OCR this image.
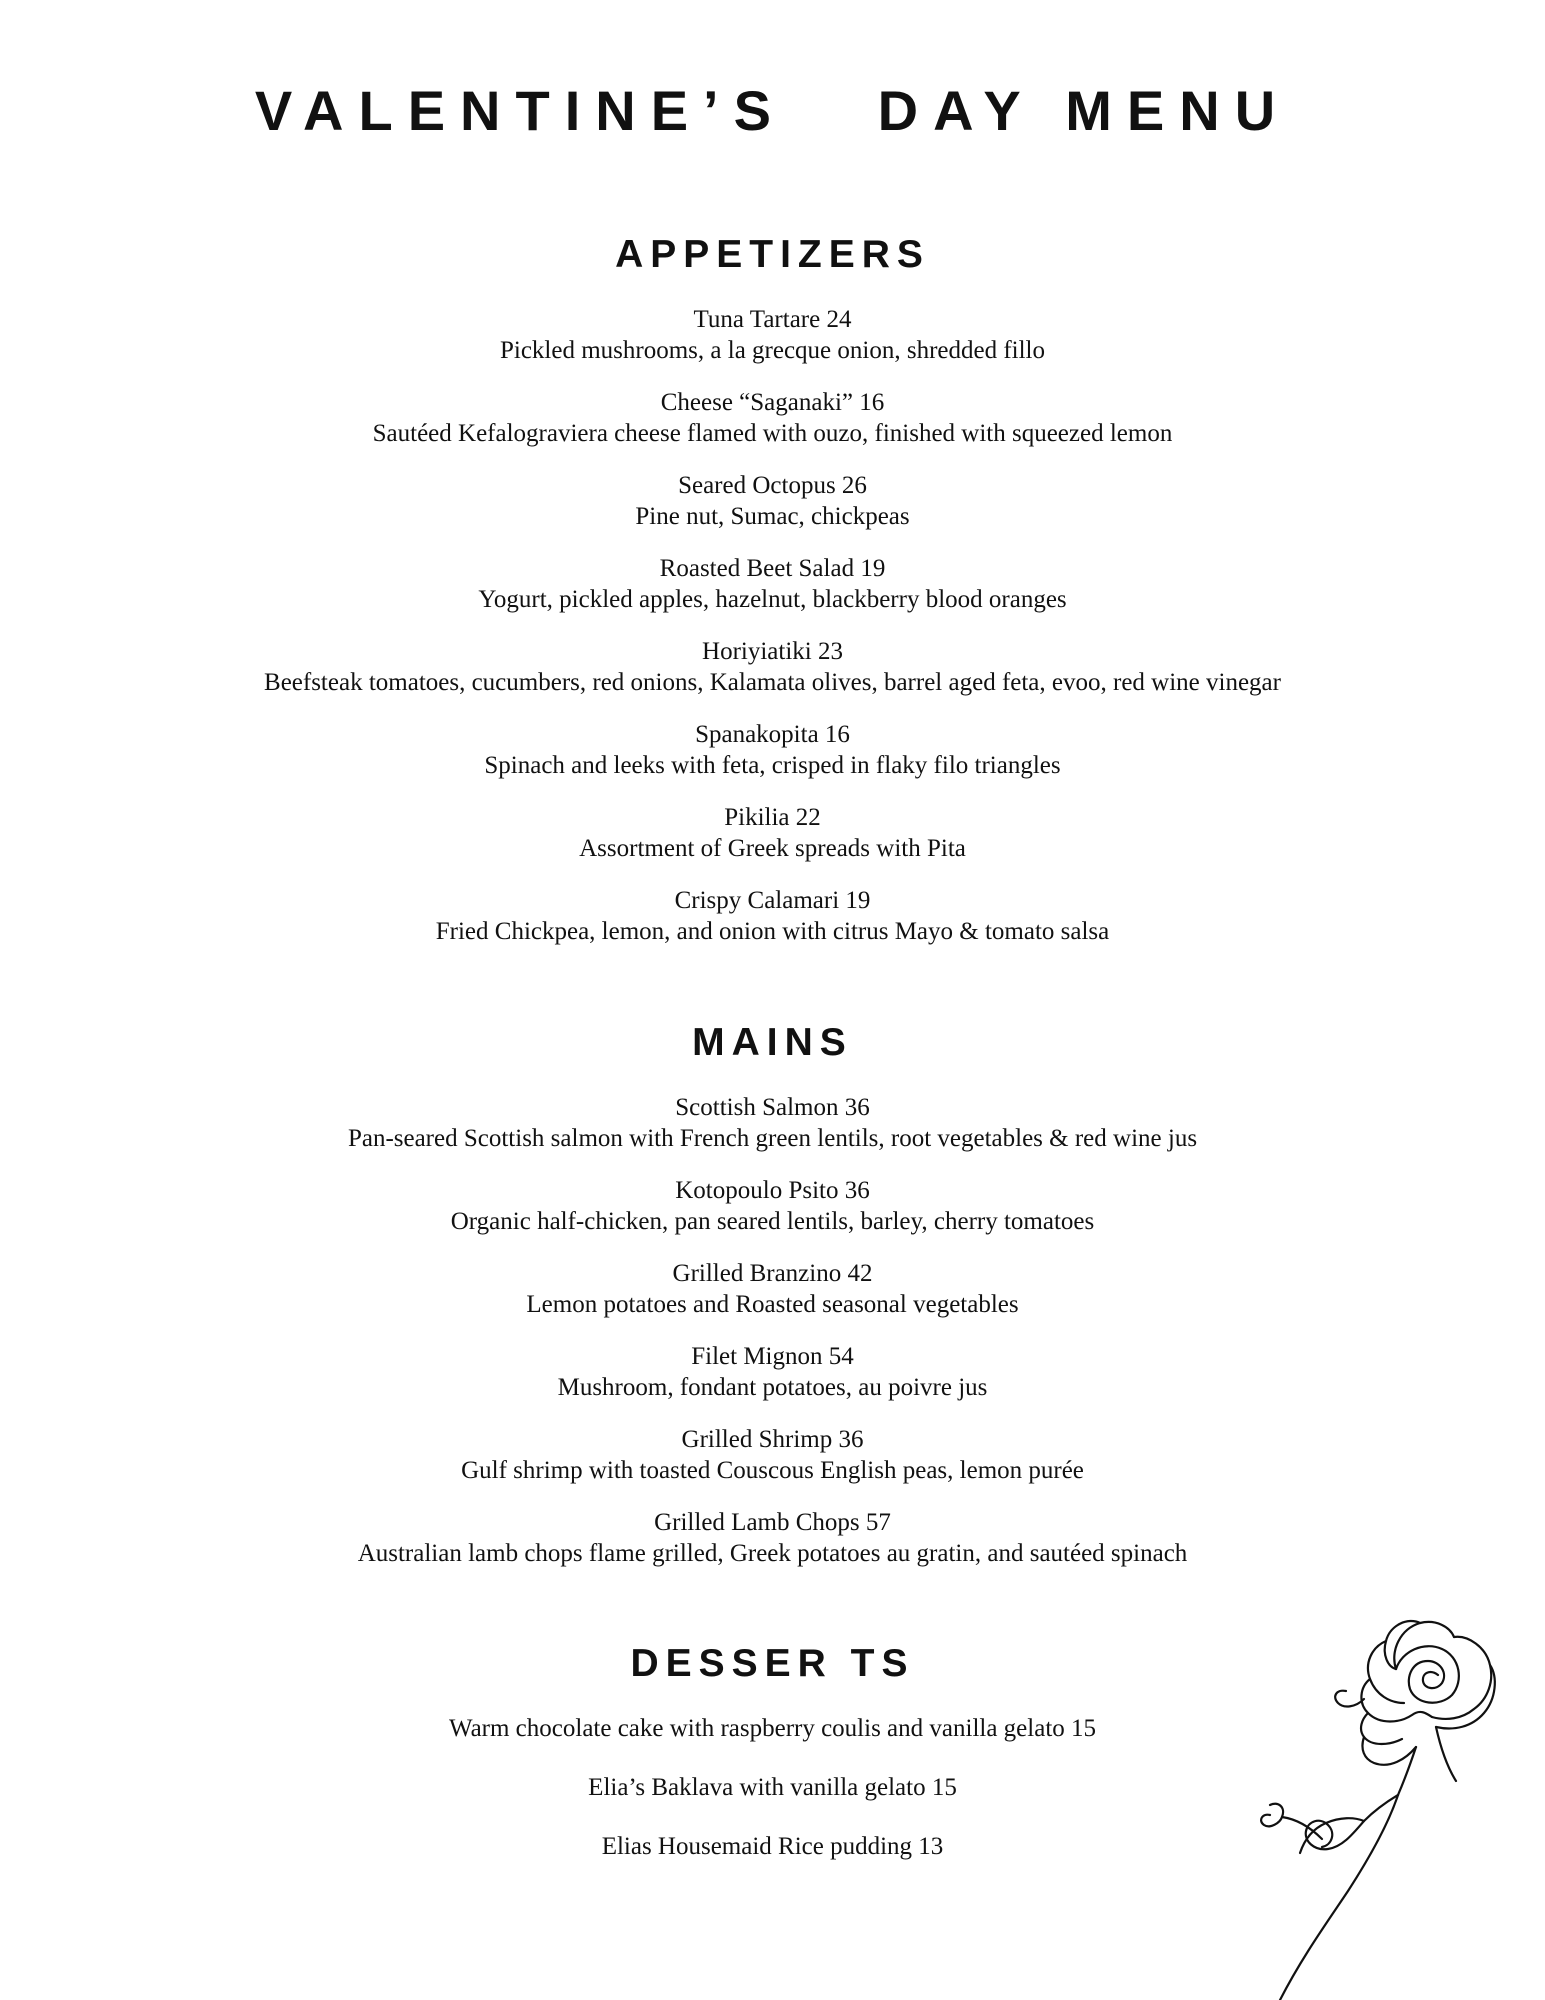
VALENTINE’S   DAY MENU
APPETIZERS
Tuna Tartare 24
Pickled mushrooms, a la grecque onion, shredded fillo
Cheese “Saganaki” 16
Sautéed Kefalograviera cheese flamed with ouzo, finished with squeezed lemon
Seared Octopus 26
Pine nut, Sumac, chickpeas
Roasted Beet Salad 19
Yogurt, pickled apples, hazelnut, blackberry blood oranges
Horiyiatiki 23
Beefsteak tomatoes, cucumbers, red onions, Kalamata olives, barrel aged feta, evoo, red wine vinegar
Spanakopita 16
Spinach and leeks with feta, crisped in flaky filo triangles
Pikilia 22
Assortment of Greek spreads with Pita
Crispy Calamari 19
Fried Chickpea, lemon, and onion with citrus Mayo & tomato salsa
MAINS
Scottish Salmon 36
Pan-seared Scottish salmon with French green lentils, root vegetables & red wine jus
Kotopoulo Psito 36
Organic half-chicken, pan seared lentils, barley, cherry tomatoes
Grilled Branzino 42
Lemon potatoes and Roasted seasonal vegetables
Filet Mignon 54
Mushroom, fondant potatoes, au poivre jus
Grilled Shrimp 36
Gulf shrimp with toasted Couscous English peas, lemon purée
Grilled Lamb Chops 57
Australian lamb chops flame grilled, Greek potatoes au gratin, and sautéed spinach
DESSER TS
Warm chocolate cake with raspberry coulis and vanilla gelato 15
Elia’s Baklava with vanilla gelato 15
Elias Housemaid Rice pudding 13
